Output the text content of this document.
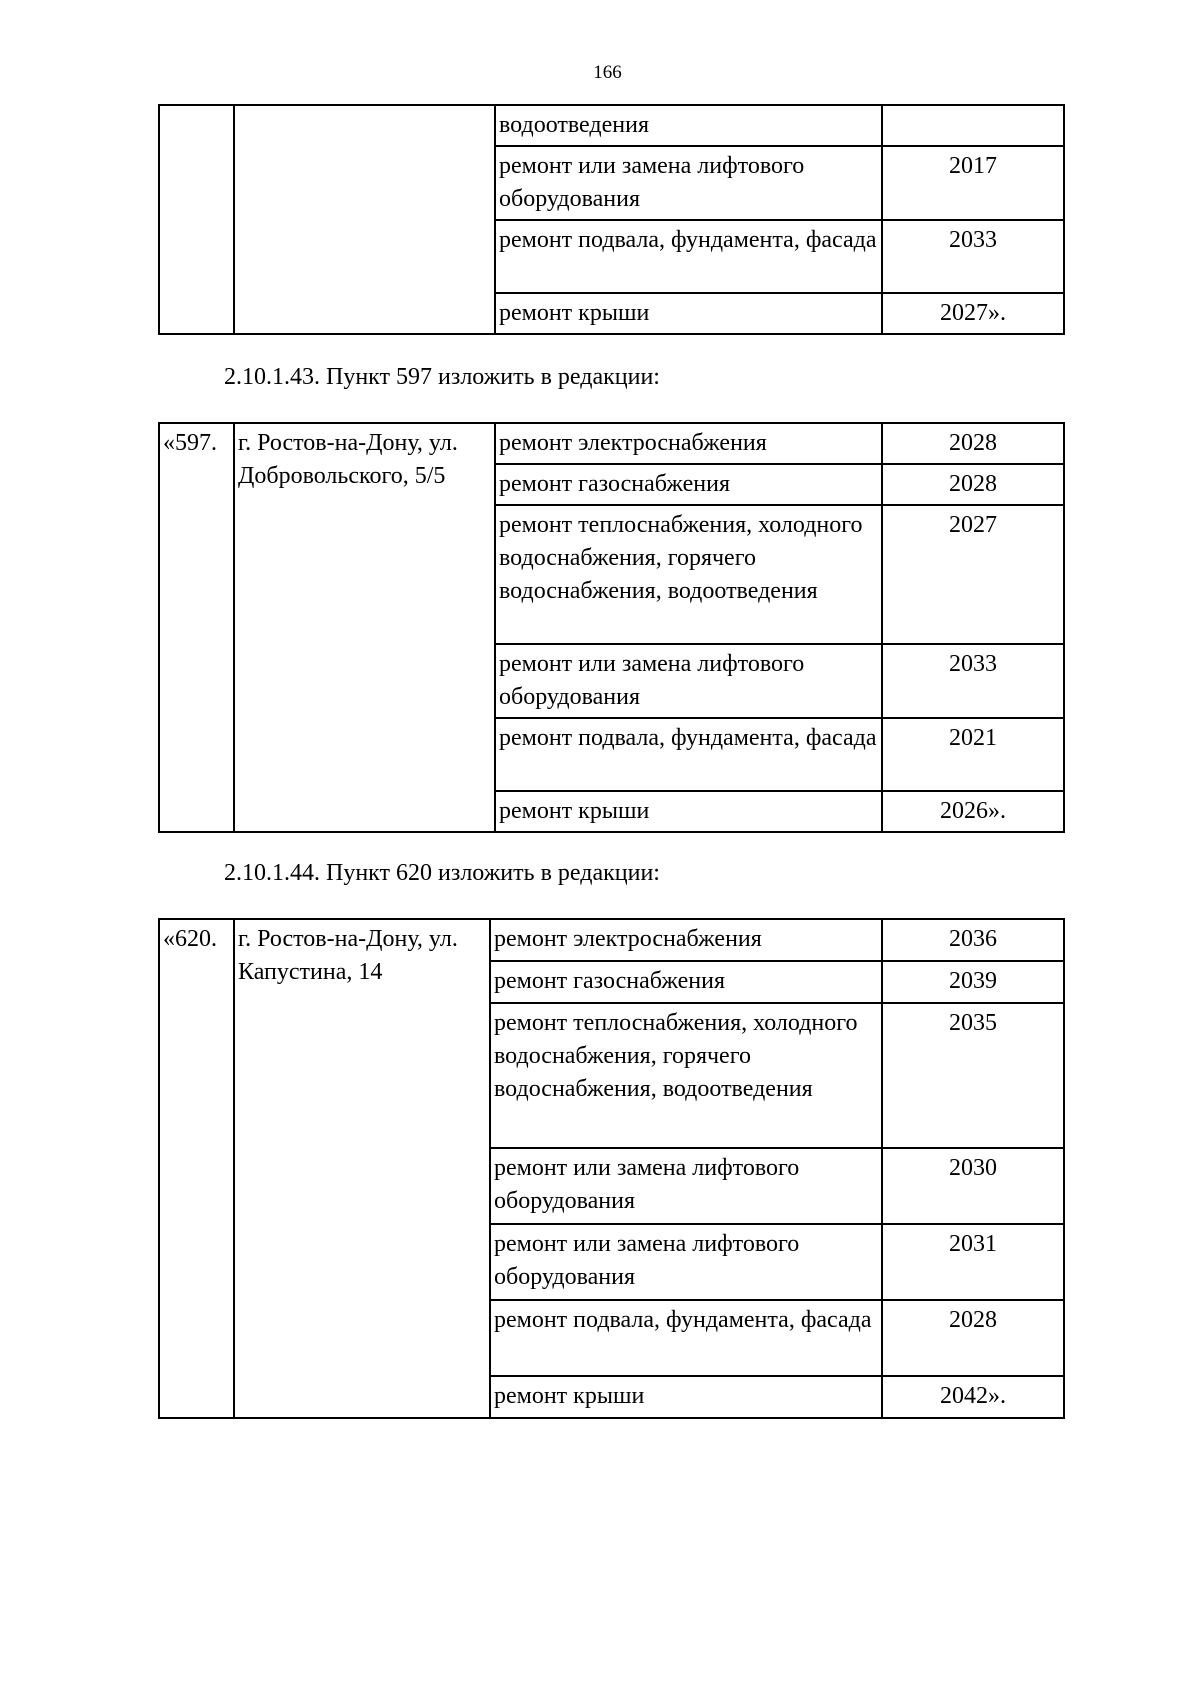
166
		водоотведения	
		ремонт или замена лифтового оборудования	2017
		ремонт подвала, фундамента, фасада	2033
		ремонт крыши	2027».
2.10.1.43. Пункт 597 изложить в редакции:
«597.	г. Ростов-на-Дону, ул. Добровольского, 5/5	ремонт электроснабжения	2028
		ремонт газоснабжения	2028
		ремонт теплоснабжения, холодного водоснабжения, горячего водоснабжения, водоотведения	2027
		ремонт или замена лифтового оборудования	2033
		ремонт подвала, фундамента, фасада	2021
		ремонт крыши	2026».
2.10.1.44. Пункт 620 изложить в редакции:
«620.	г. Ростов-на-Дону, ул. Капустина, 14	ремонт электроснабжения	2036
		ремонт газоснабжения	2039
		ремонт теплоснабжения, холодного водоснабжения, горячего водоснабжения, водоотведения	2035
		ремонт или замена лифтового оборудования	2030
		ремонт или замена лифтового оборудования	2031
		ремонт подвала, фундамента, фасада	2028
		ремонт крыши	2042».
